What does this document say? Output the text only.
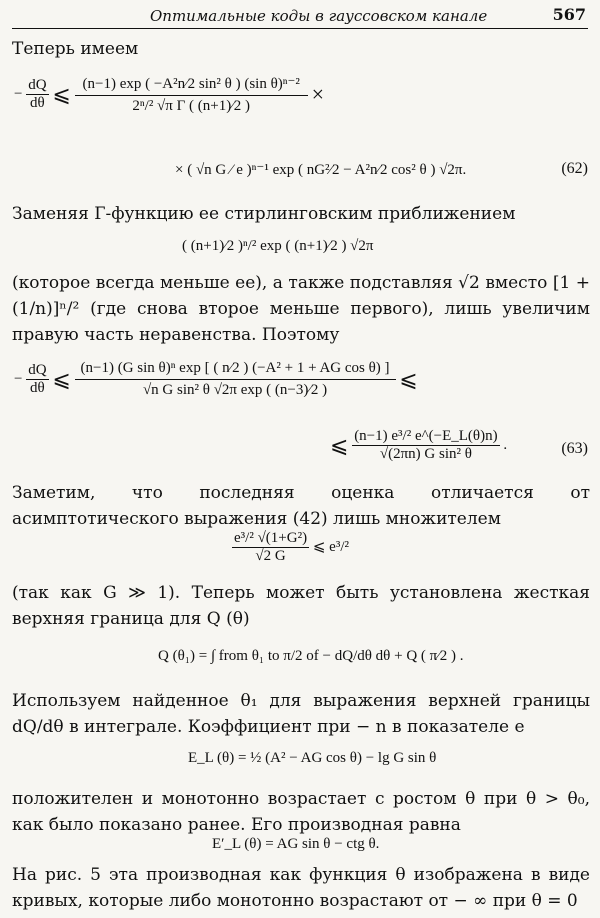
Оптимальные коды в гауссовском канале	567
Теперь имеем
− $\frac{dQ}{d\theta}$ ⩽ $\frac{\text{(n−1) exp ( −A²n⁄2 sin² θ ) (sin θ)ⁿ⁻²}}{\text{2ⁿ/² √π Γ ( (n+1)⁄2 )}}$ ×
× ( √n G ⁄ e )ⁿ⁻¹ exp ( nG²⁄2 − A²n⁄2 cos² θ ) √2π.	(62)
Заменяя Г-функцию ее стирлинговским приближением
( (n+1)⁄2 )ⁿ/² exp ( (n+1)⁄2 ) √2π
(которое всегда меньше ее), а также подставляя √2 вместо [1 + (1/n)]ⁿ/² (где снова второе меньше первого), лишь увеличим правую часть неравенства. Поэтому
− $\frac{dQ}{d\theta}$ ⩽ $\frac{\text{(n−1) (G sin θ)ⁿ exp [ ( n⁄2 ) (−A² + 1 + AG cos θ) ]}}{\text{√n G sin² θ √2π exp ( (n−3)⁄2 )}}$ ⩽
⩽ $\frac{\text{(n−1) e³/² e\textasciicircum{}(−E\_L(θ)n)}}{\text{√(2πn) G sin² θ}}$ .	(63)
Заметим, что последняя оценка отличается от асимптотического выражения (42) лишь множителем
$\frac{\text{e³/² √(1+G²)}}{√2 G}$ ⩽ e³/²
(так как G ≫ 1). Теперь может быть установлена жесткая верхняя граница для Q (θ)
Q (θ₁) = ∫ from θ₁ to π/2 of − dQ/dθ dθ + Q ( π⁄2 ) .
Используем найденное θ₁ для выражения верхней границы dQ/dθ в интеграле. Коэффициент при − n в показателе e
E_L (θ) = ½ (A² − AG cos θ) − lg G sin θ
положителен и монотонно возрастает с ростом θ при θ > θ₀, как было показано ранее. Его производная равна
E′_L (θ) = AG sin θ − ctg θ.
На рис. 5 эта производная как функция θ изображена в виде кривых, которые либо монотонно возрастают от − ∞ при θ = 0
